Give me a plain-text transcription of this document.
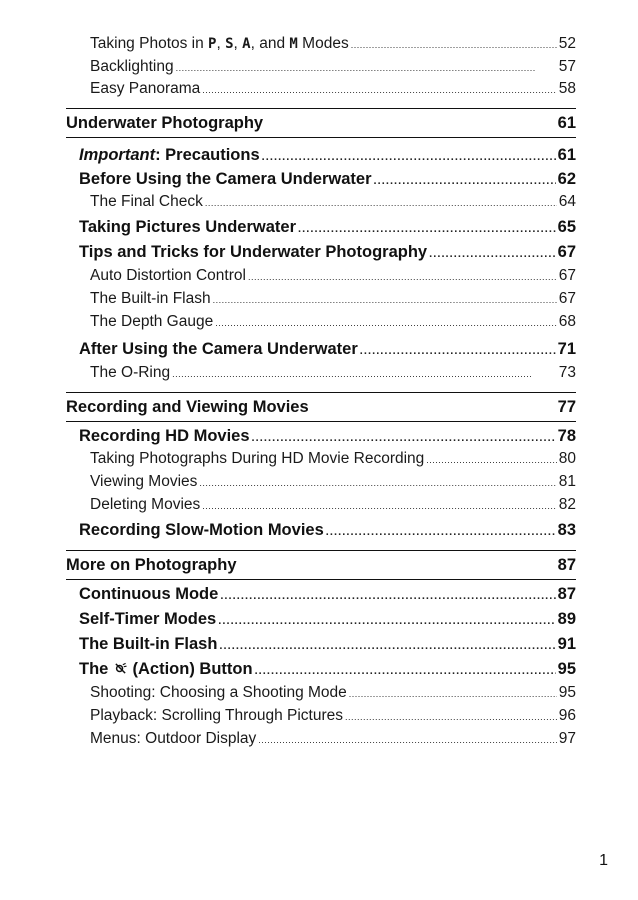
Taking Photos in P, S, A, and M Modes . . .	52
Backlighting . . .	57
Easy Panorama . . .	58
Underwater Photography	61
Important: Precautions . . .	61
Before Using the Camera Underwater . . .	62
The Final Check . . .	64
Taking Pictures Underwater . . .	65
Tips and Tricks for Underwater Photography . . .	67
Auto Distortion Control . . .	67
The Built-in Flash . . .	67
The Depth Gauge . . .	68
After Using the Camera Underwater . . .	71
The O-Ring . . .	73
Recording and Viewing Movies	77
Recording HD Movies . . .	78
Taking Photographs During HD Movie Recording . . .	80
Viewing Movies . . .	81
Deleting Movies . . .	82
Recording Slow-Motion Movies . . .	83
More on Photography	87
Continuous Mode . . .	87
Self-Timer Modes . . .	89
The Built-in Flash . . .	91
The  (Action) Button . . .	95
Shooting: Choosing a Shooting Mode . . .	95
Playback: Scrolling Through Pictures . . .	96
Menus: Outdoor Display . . .	97
1
